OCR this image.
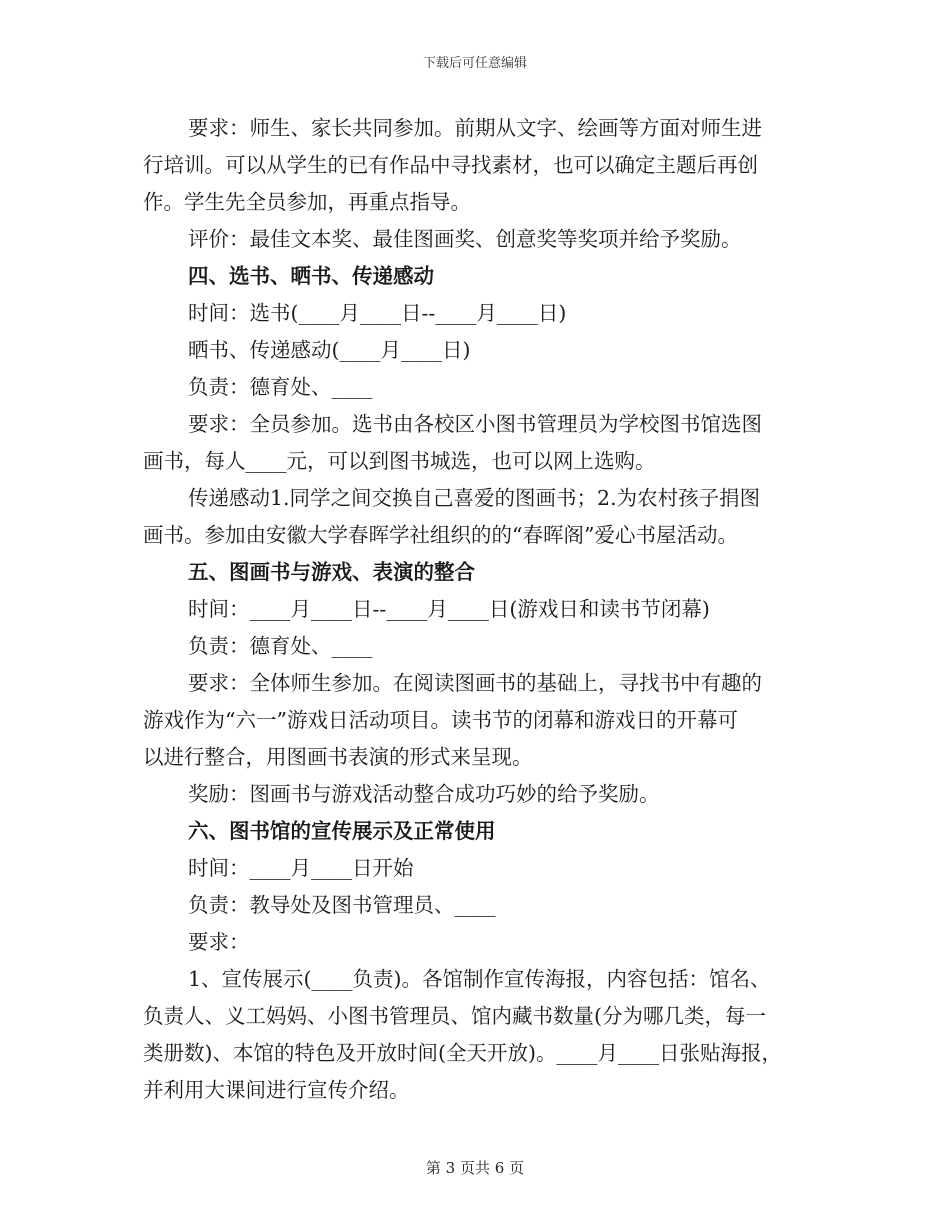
下载后可任意编辑
要求：师生、家长共同参加。前期从文字、绘画等方面对师生进
行培训。可以从学生的已有作品中寻找素材，也可以确定主题后再创
作。学生先全员参加，再重点指导。
评价：最佳文本奖、最佳图画奖、创意奖等奖项并给予奖励。
四、选书、晒书、传递感动
时间：选书(____月____日--____月____日)
晒书、传递感动(____月____日)
负责：德育处、____
要求：全员参加。选书由各校区小图书管理员为学校图书馆选图
画书，每人____元，可以到图书城选，也可以网上选购。
传递感动1.同学之间交换自己喜爱的图画书；2.为农村孩子捐图
画书。参加由安徽大学春晖学社组织的的“春晖阁”爱心书屋活动。
五、图画书与游戏、表演的整合
时间：____月____日--____月____日(游戏日和读书节闭幕)
负责：德育处、____
要求：全体师生参加。在阅读图画书的基础上，寻找书中有趣的
游戏作为“六一”游戏日活动项目。读书节的闭幕和游戏日的开幕可
以进行整合，用图画书表演的形式来呈现。
奖励：图画书与游戏活动整合成功巧妙的给予奖励。
六、图书馆的宣传展示及正常使用
时间：____月____日开始
负责：教导处及图书管理员、____
要求：
1、宣传展示(____负责)。各馆制作宣传海报，内容包括：馆名、
负责人、义工妈妈、小图书管理员、馆内藏书数量(分为哪几类，每一
类册数)、本馆的特色及开放时间(全天开放)。____月____日张贴海报，
并利用大课间进行宣传介绍。
第 3 页共 6 页
